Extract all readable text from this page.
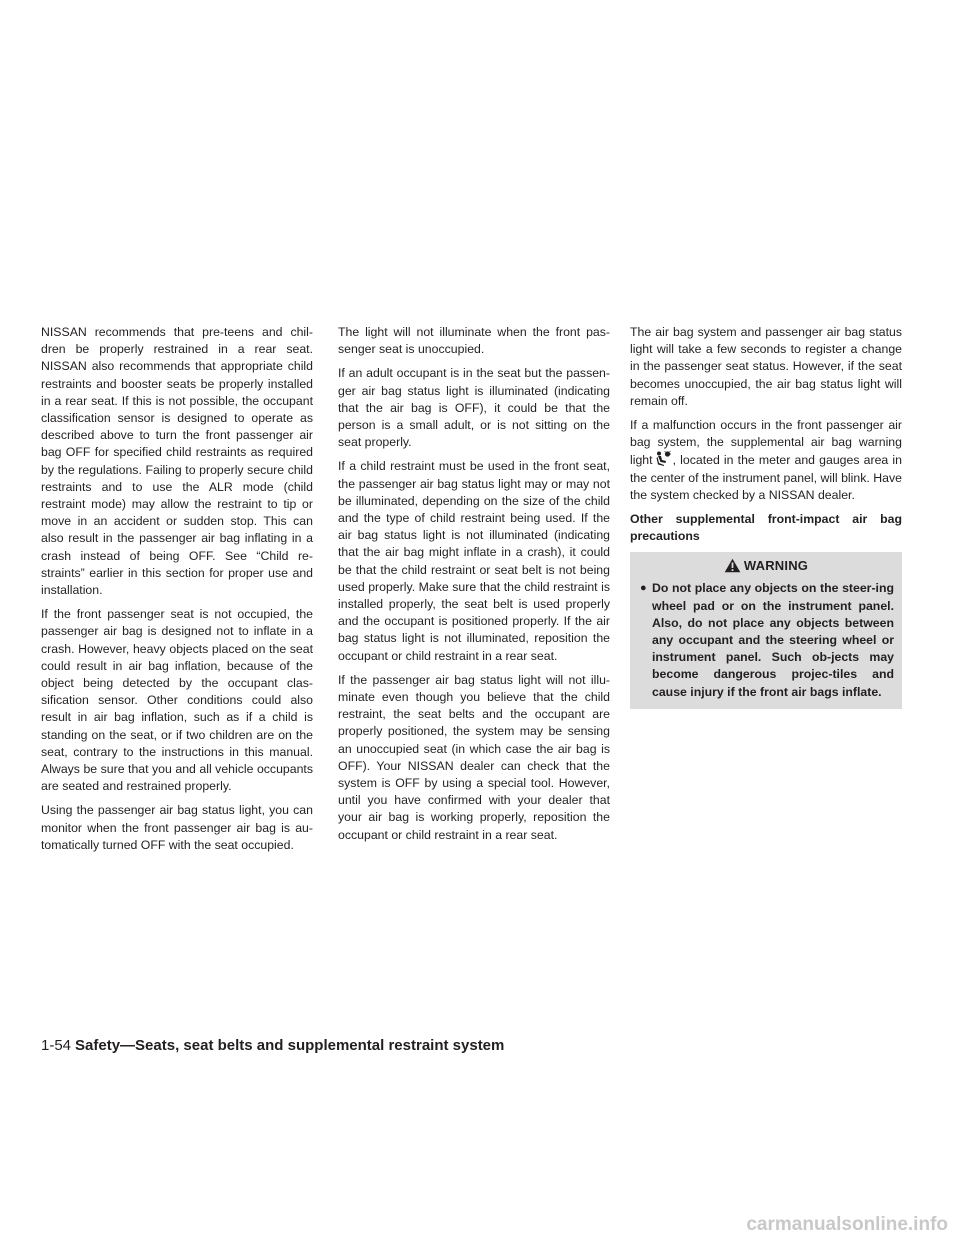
NISSAN recommends that pre-teens and chil-dren be properly restrained in a rear seat. NISSAN also recommends that appropriate child restraints and booster seats be properly installed in a rear seat. If this is not possible, the occupant classification sensor is designed to operate as described above to turn the front passenger air bag OFF for specified child restraints as required by the regulations. Failing to properly secure child restraints and to use the ALR mode (child restraint mode) may allow the restraint to tip or move in an accident or sudden stop. This can also result in the passenger air bag inflating in a crash instead of being OFF. See “Child re-straints” earlier in this section for proper use and installation.

If the front passenger seat is not occupied, the passenger air bag is designed not to inflate in a crash. However, heavy objects placed on the seat could result in air bag inflation, because of the object being detected by the occupant clas-sification sensor. Other conditions could also result in air bag inflation, such as if a child is standing on the seat, or if two children are on the seat, contrary to the instructions in this manual. Always be sure that you and all vehicle occupants are seated and restrained properly.

Using the passenger air bag status light, you can monitor when the front passenger air bag is au-tomatically turned OFF with the seat occupied.

The light will not illuminate when the front pas-senger seat is unoccupied.

If an adult occupant is in the seat but the passen-ger air bag status light is illuminated (indicating that the air bag is OFF), it could be that the person is a small adult, or is not sitting on the seat properly.

If a child restraint must be used in the front seat, the passenger air bag status light may or may not be illuminated, depending on the size of the child and the type of child restraint being used. If the air bag status light is not illuminated (indicating that the air bag might inflate in a crash), it could be that the child restraint or seat belt is not being used properly. Make sure that the child restraint is installed properly, the seat belt is used properly and the occupant is positioned properly. If the air bag status light is not illuminated, reposition the occupant or child restraint in a rear seat.

If the passenger air bag status light will not illu-minate even though you believe that the child restraint, the seat belts and the occupant are properly positioned, the system may be sensing an unoccupied seat (in which case the air bag is OFF). Your NISSAN dealer can check that the system is OFF by using a special tool. However, until you have confirmed with your dealer that your air bag is working properly, reposition the occupant or child restraint in a rear seat.

The air bag system and passenger air bag status light will take a few seconds to register a change in the passenger seat status. However, if the seat becomes unoccupied, the air bag status light will remain off.

If a malfunction occurs in the front passenger air bag system, the supplemental air bag warning light , located in the meter and gauges area in the center of the instrument panel, will blink. Have the system checked by a NISSAN dealer.

Other supplemental front-impact air bag precautions

WARNING
● Do not place any objects on the steer-ing wheel pad or on the instrument panel. Also, do not place any objects between any occupant and the steering wheel or instrument panel. Such ob-jects may become dangerous projec-tiles and cause injury if the front air bags inflate.
1-54 Safety—Seats, seat belts and supplemental restraint system
carmanualsonline.info
